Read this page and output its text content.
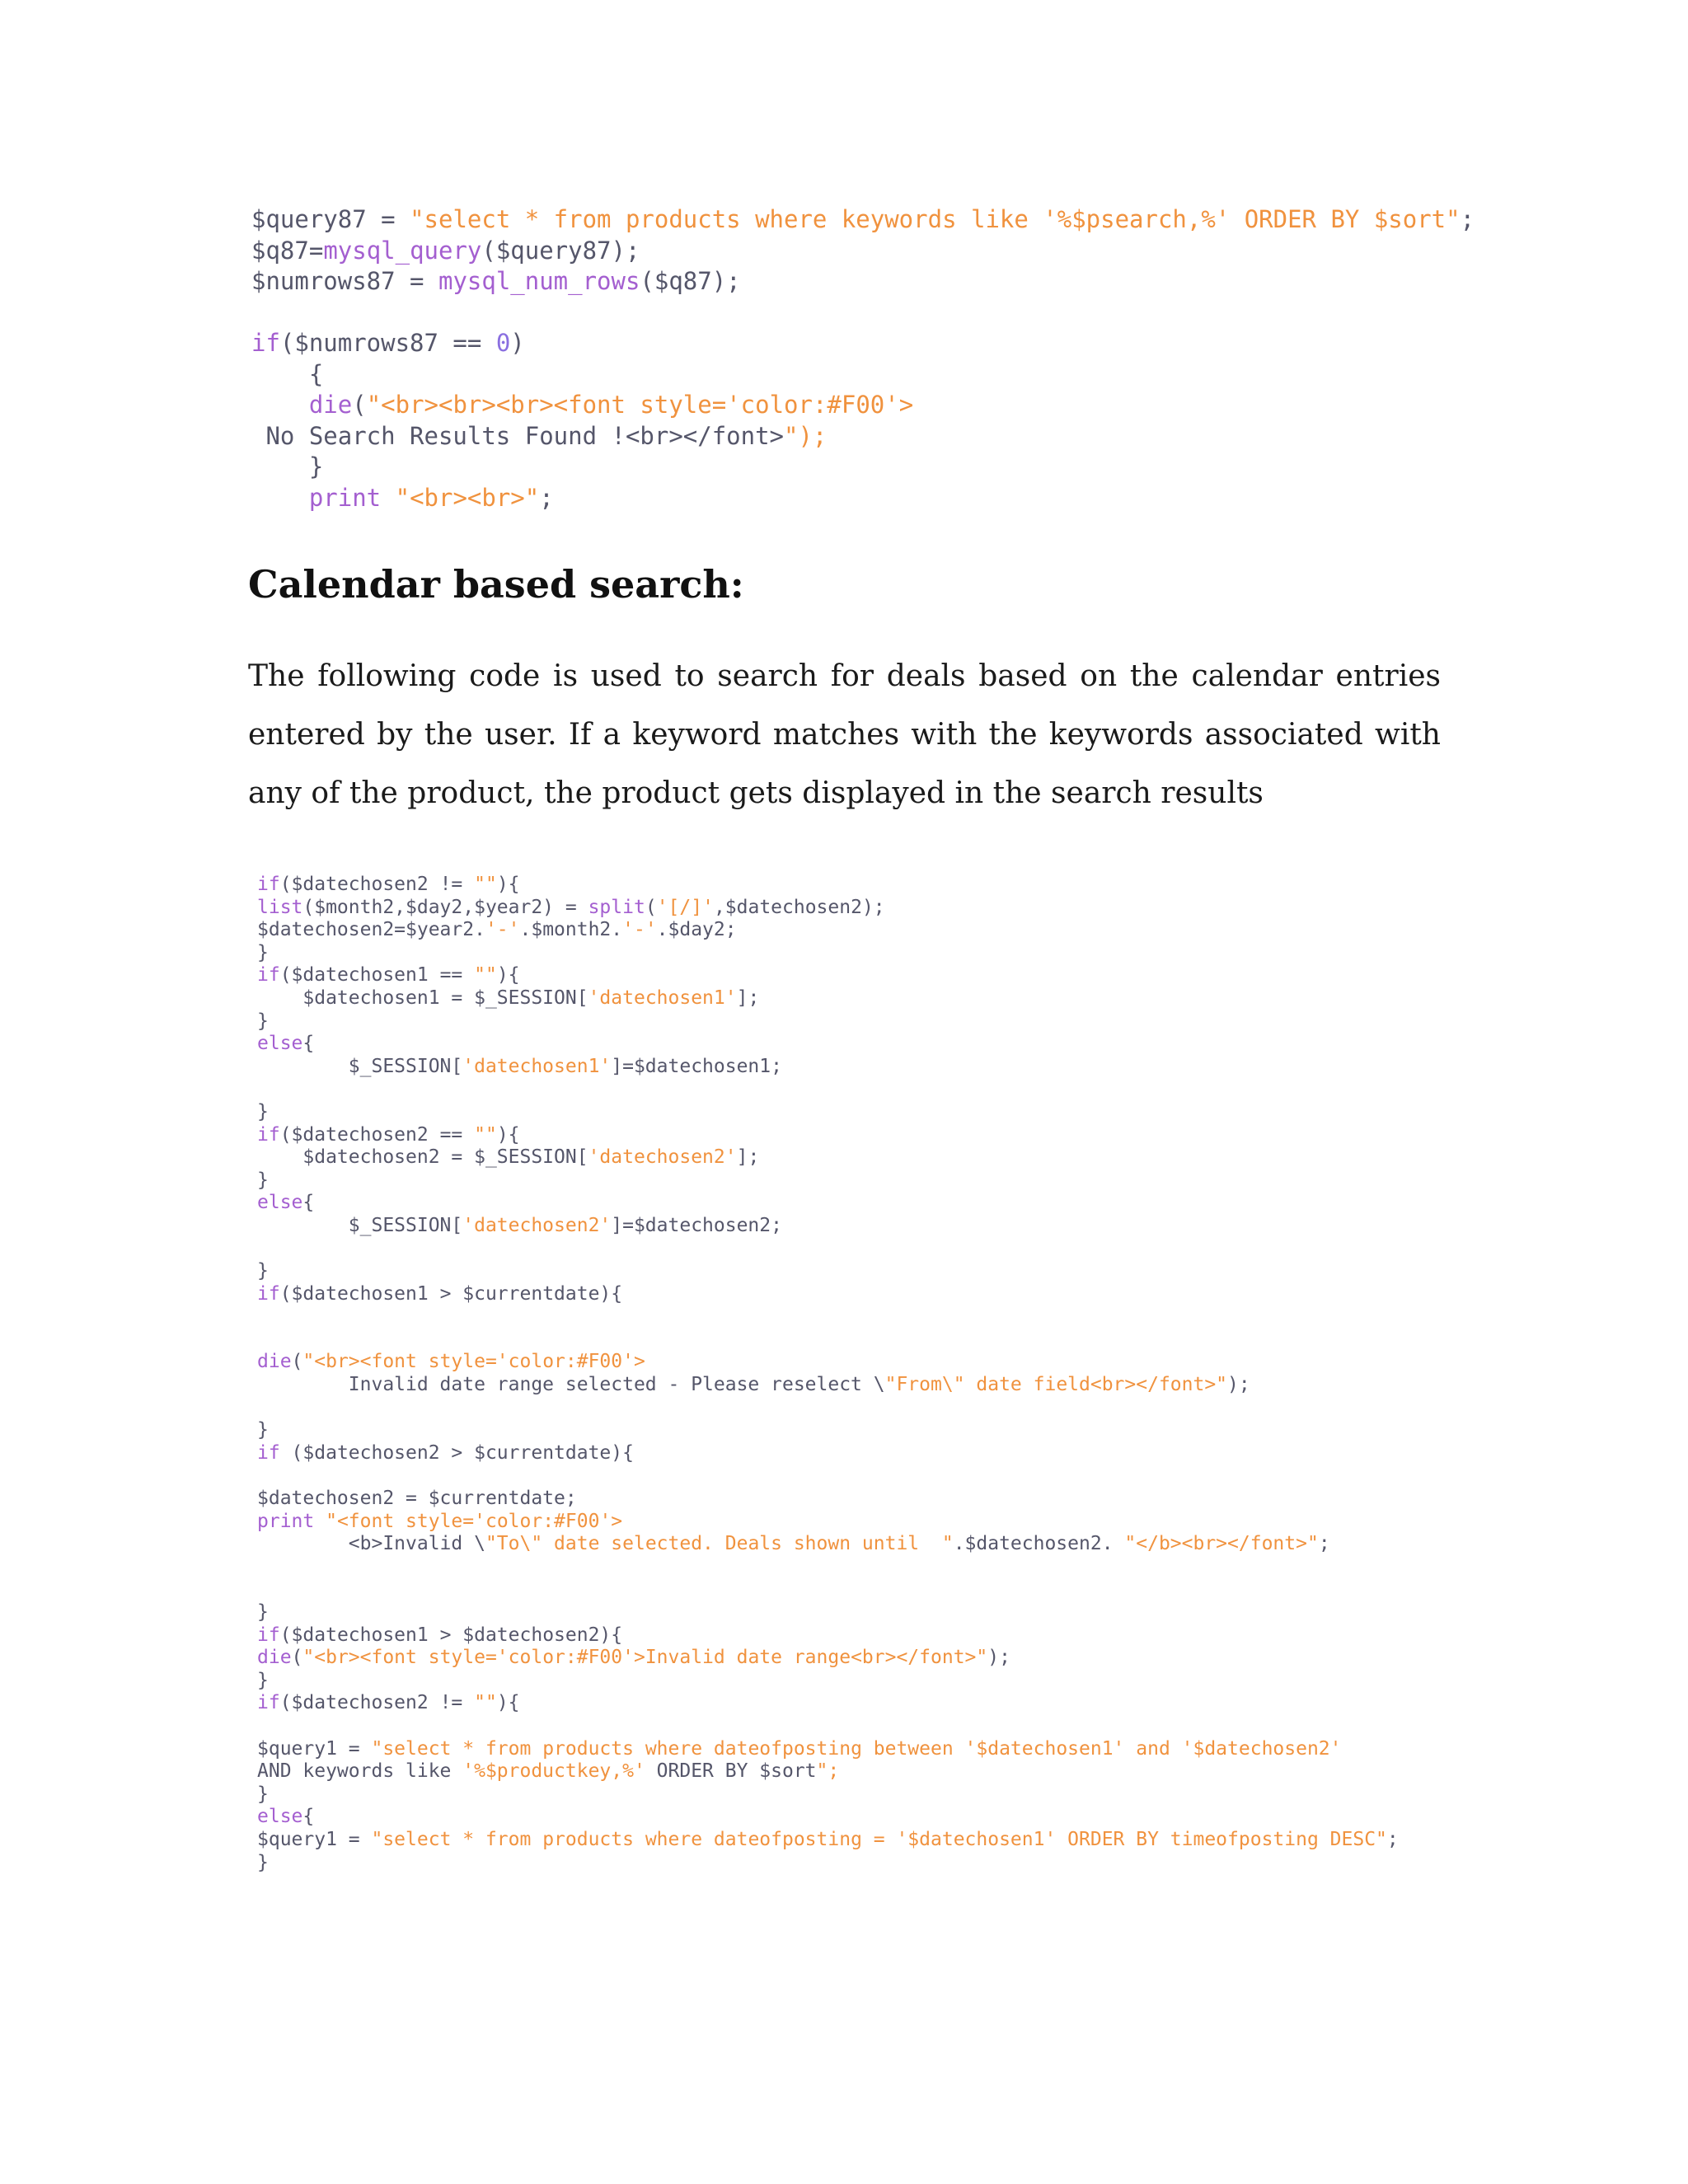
$query87 = "select * from products where keywords like '%$psearch,%' ORDER BY $sort";
$q87=mysql_query($query87);
$numrows87 = mysql_num_rows($q87);

if($numrows87 == 0)
{
die("<br><br><br><font style='color:#F00'>
No Search Results Found !<br></font>");
}
print "<br><br>";
Calendar based search:

The following code is used to search for deals based on the calendar entries entered by the user. If a keyword matches with the keywords associated with any of the product, the product gets displayed in the search results

if($datechosen2 != ""){
list($month2,$day2,$year2) = split('[/]',$datechosen2);
$datechosen2=$year2.'-'.$month2.'-'.$day2;
}
if($datechosen1 == ""){
$datechosen1 = $_SESSION['datechosen1'];
}
else{
$_SESSION['datechosen1']=$datechosen1;

}
if($datechosen2 == ""){
$datechosen2 = $_SESSION['datechosen2'];
}
else{
$_SESSION['datechosen2']=$datechosen2;

}
if($datechosen1 > $currentdate){

die("<br><font style='color:#F00'>
Invalid date range selected - Please reselect \"From\" date field<br></font>");

}
if ($datechosen2 > $currentdate){

$datechosen2 = $currentdate;
print "<font style='color:#F00'>
<b>Invalid \"To\" date selected. Deals shown until  ".$datechosen2. "</b><br></font>";

}
if($datechosen1 > $datechosen2){
die("<br><font style='color:#F00'>Invalid date range<br></font>");
}
if($datechosen2 != ""){

$query1 = "select * from products where dateofposting between '$datechosen1' and '$datechosen2'
AND keywords like '%$productkey,%' ORDER BY $sort";
}
else{
$query1 = "select * from products where dateofposting = '$datechosen1' ORDER BY timeofposting DESC";
}
